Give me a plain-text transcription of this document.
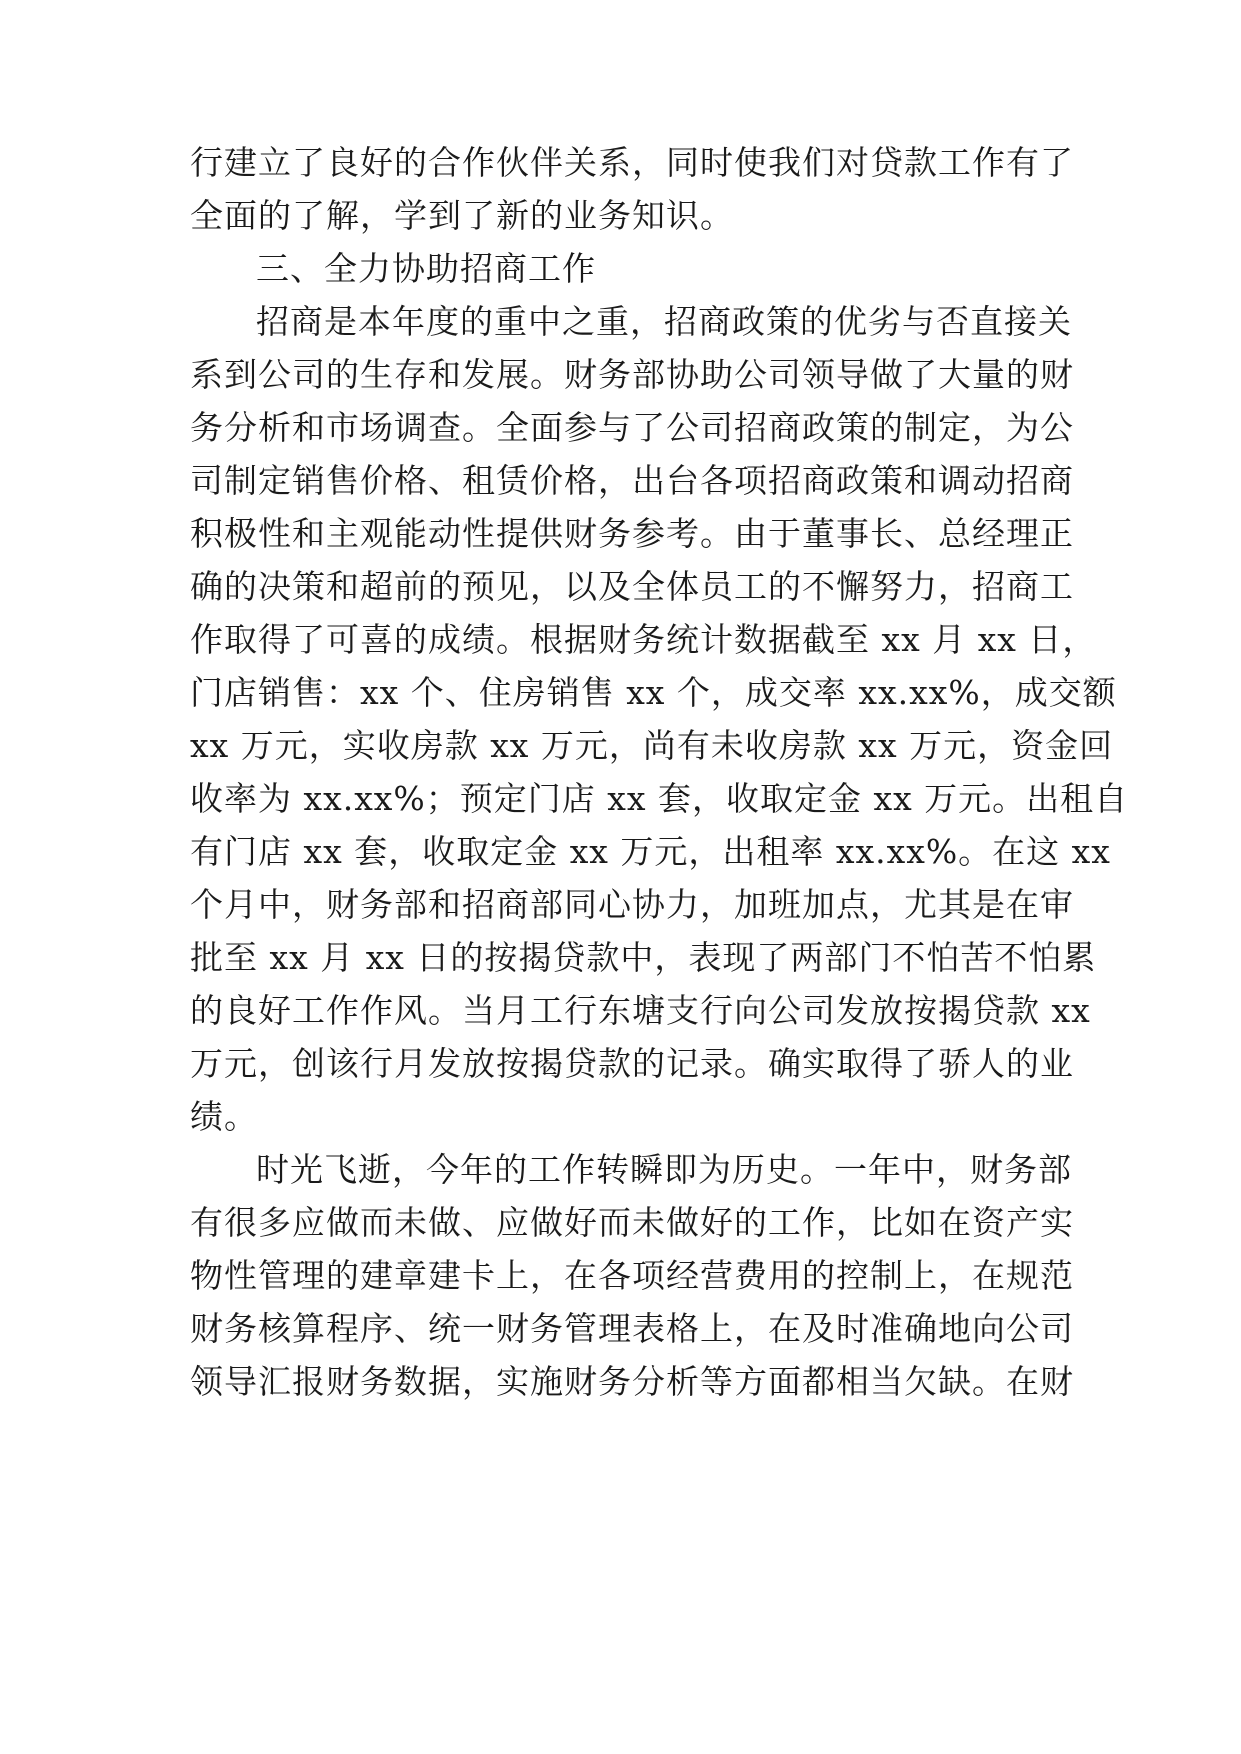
行建立了良好的合作伙伴关系，同时使我们对贷款工作有了
全面的了解，学到了新的业务知识。
三、全力协助招商工作
招商是本年度的重中之重，招商政策的优劣与否直接关
系到公司的生存和发展。财务部协助公司领导做了大量的财
务分析和市场调查。全面参与了公司招商政策的制定，为公
司制定销售价格、租赁价格，出台各项招商政策和调动招商
积极性和主观能动性提供财务参考。由于董事长、总经理正
确的决策和超前的预见，以及全体员工的不懈努力，招商工
作取得了可喜的成绩。根据财务统计数据截至 xx 月 xx 日，
门店销售：xx 个、住房销售 xx 个，成交率 xx.xx%，成交额
xx 万元，实收房款 xx 万元，尚有未收房款 xx 万元，资金回
收率为 xx.xx%；预定门店 xx 套，收取定金 xx 万元。出租自
有门店 xx 套，收取定金 xx 万元，出租率 xx.xx%。在这 xx
个月中，财务部和招商部同心协力，加班加点，尤其是在审
批至 xx 月 xx 日的按揭贷款中，表现了两部门不怕苦不怕累
的良好工作作风。当月工行东塘支行向公司发放按揭贷款 xx
万元，创该行月发放按揭贷款的记录。确实取得了骄人的业
绩。
时光飞逝，今年的工作转瞬即为历史。一年中，财务部
有很多应做而未做、应做好而未做好的工作，比如在资产实
物性管理的建章建卡上，在各项经营费用的控制上，在规范
财务核算程序、统一财务管理表格上，在及时准确地向公司
领导汇报财务数据，实施财务分析等方面都相当欠缺。在财
